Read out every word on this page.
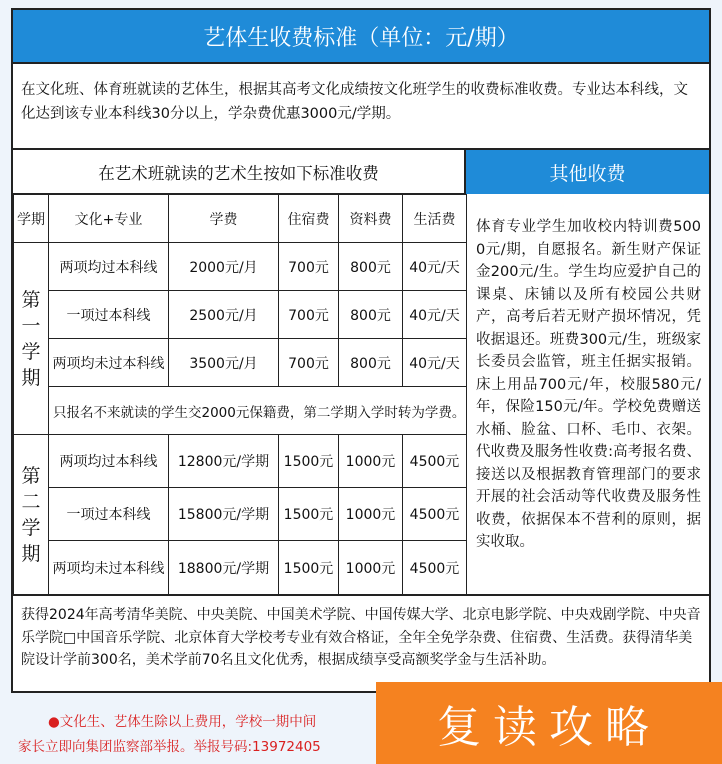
艺体生收费标准（单位：元/期）
在文化班、体育班就读的艺体生，根据其高考文化成绩按文化班学生的收费标准收费。专业达本科线，文化达到该专业本科线30分以上，学杂费优惠3000元/学期。
在艺术班就读的艺术生按如下标准收费	其他收费
学期	文化+专业	学费	住宿费	资料费	生活费

第
一
学
期	两项均过本科线	2000元/月	700元	800元	40元/天
	一项过本科线	2500元/月	700元	800元	40元/天
	两项均未过本科线	3500元/月	700元	800元	40元/天
	只报名不来就读的学生交2000元保籍费，第二学期入学时转为学费。				

第
二
学
期	两项均过本科线	12800元/学期	1500元	1000元	4500元
	一项过本科线	15800元/学期	1500元	1000元	4500元
	两项均未过本科线	18800元/学期	1500元	1000元	4500元
体育专业学生加收校内特训费5000元/期，自愿报名。新生财产保证金200元/生。学生均应爱护自己的课桌、床铺以及所有校园公共财产，高考后若无财产损坏情况，凭收据退还。班费300元/生，班级家长委员会监管，班主任据实报销。床上用品700元/年，校服580元/年，保险150元/年。学校免费赠送水桶、脸盆、口杯、毛巾、衣架。代收费及服务性收费:高考报名费、接送以及根据教育管理部门的要求开展的社会活动等代收费及服务性收费，依据保本不营利的原则，据实收取。
获得2024年高考清华美院、中央美院、中国美术学院、中国传媒大学、北京电影学院、中央戏剧学院、中央音乐学院□中国音乐学院、北京体育大学校考专业有效合格证，全年全免学杂费、住宿费、生活费。获得清华美院设计学前300名，美术学前70名且文化优秀，根据成绩享受高额奖学金与生活补助。
●文化生、艺体生除以上费用，学校一期中间
家长立即向集团监察部举报。举报号码:13972405	复读攻略
